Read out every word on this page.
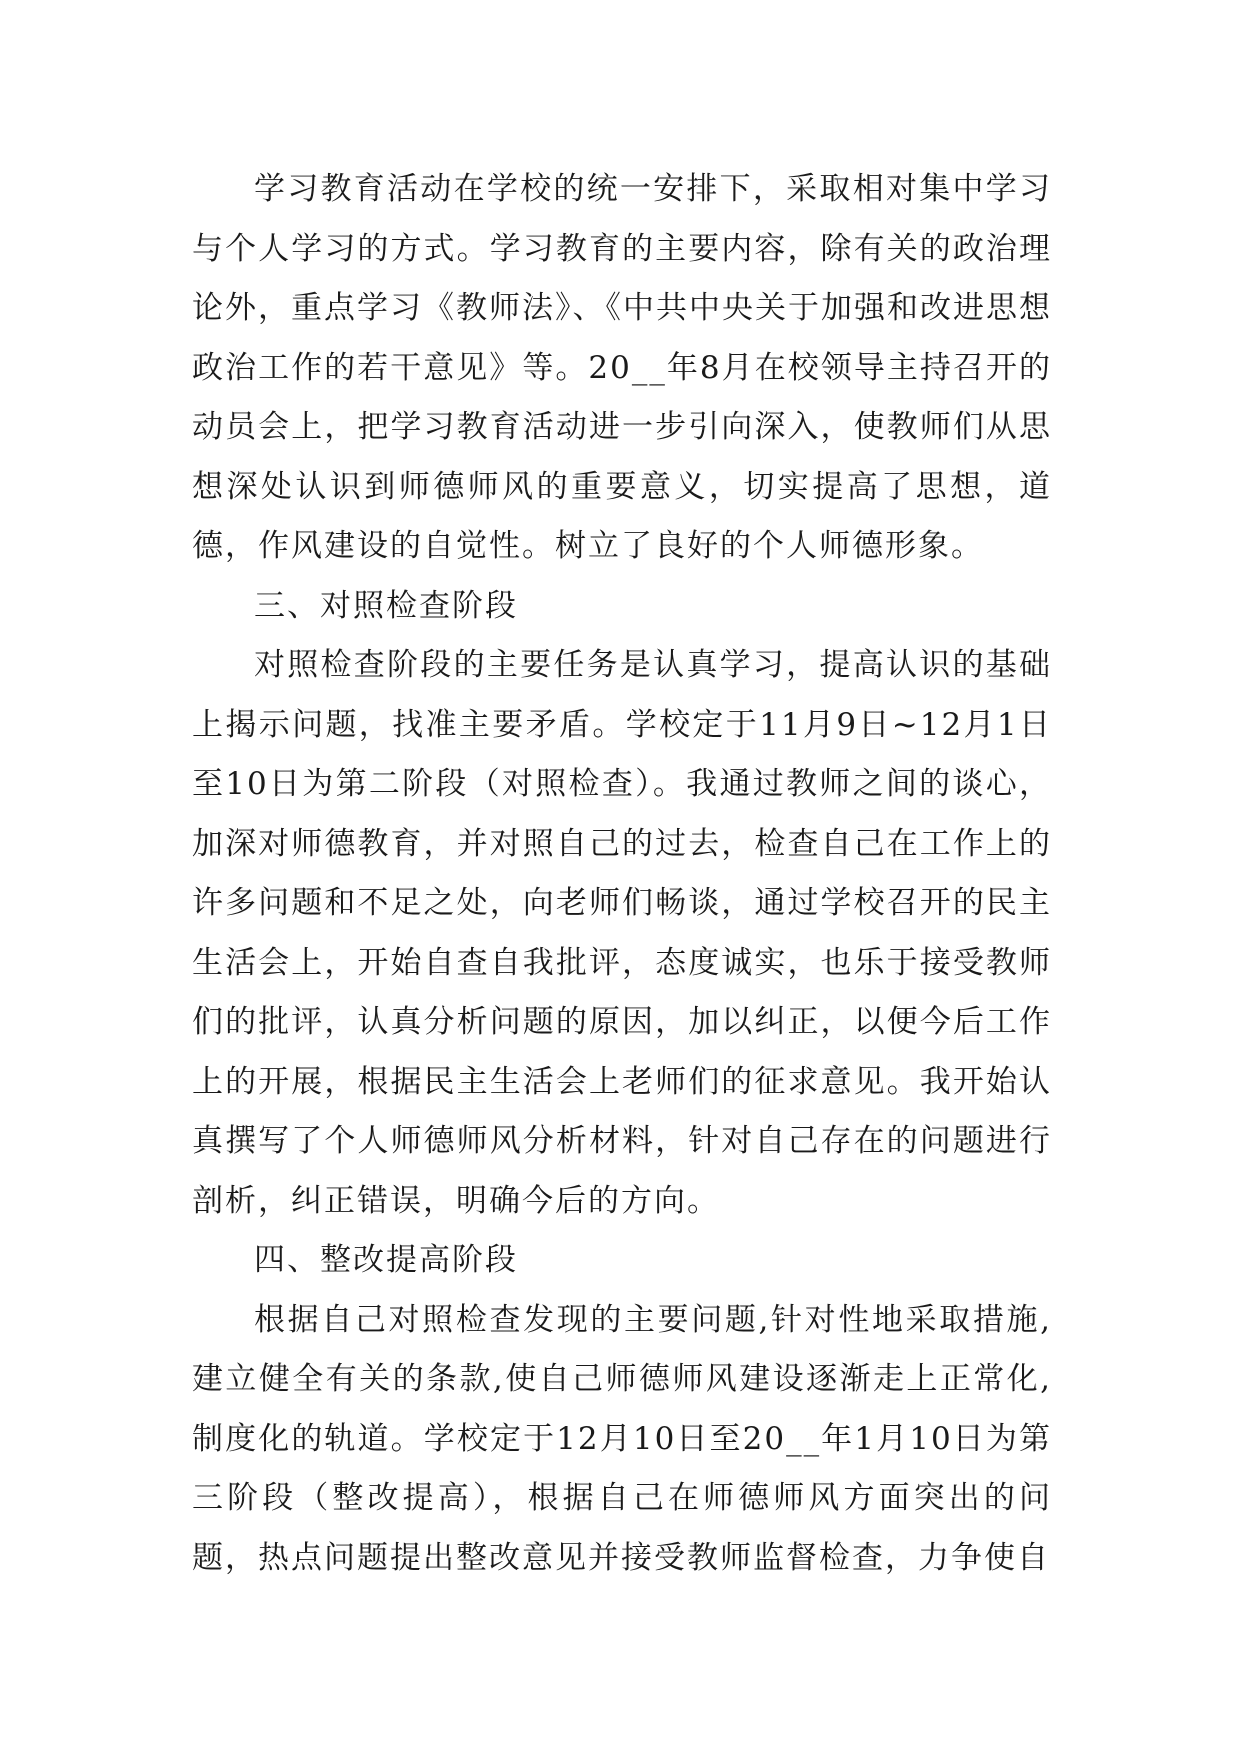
学习教育活动在学校的统一安排下，采取相对集中学习与个人学习的方式。学习教育的主要内容，除有关的政治理论外，重点学习《教师法》、《中共中央关于加强和改进思想政治工作的若干意见》等。20__年8月在校领导主持召开的动员会上，把学习教育活动进一步引向深入，使教师们从思想深处认识到师德师风的重要意义，切实提高了思想，道德，作风建设的自觉性。树立了良好的个人师德形象。

三、对照检查阶段

对照检查阶段的主要任务是认真学习，提高认识的基础上揭示问题，找准主要矛盾。学校定于11月9日~12月1日至10日为第二阶段（对照检查）。我通过教师之间的谈心，加深对师德教育，并对照自己的过去，检查自己在工作上的许多问题和不足之处，向老师们畅谈，通过学校召开的民主生活会上，开始自查自我批评，态度诚实，也乐于接受教师们的批评，认真分析问题的原因，加以纠正，以便今后工作上的开展，根据民主生活会上老师们的征求意见。我开始认真撰写了个人师德师风分析材料，针对自己存在的问题进行剖析，纠正错误，明确今后的方向。

四、整改提高阶段

根据自己对照检查发现的主要问题,针对性地采取措施,建立健全有关的条款,使自己师德师风建设逐渐走上正常化,制度化的轨道。学校定于12月10日至20__年1月10日为第三阶段（整改提高），根据自己在师德师风方面突出的问题，热点问题提出整改意见并接受教师监督检查，力争使自
